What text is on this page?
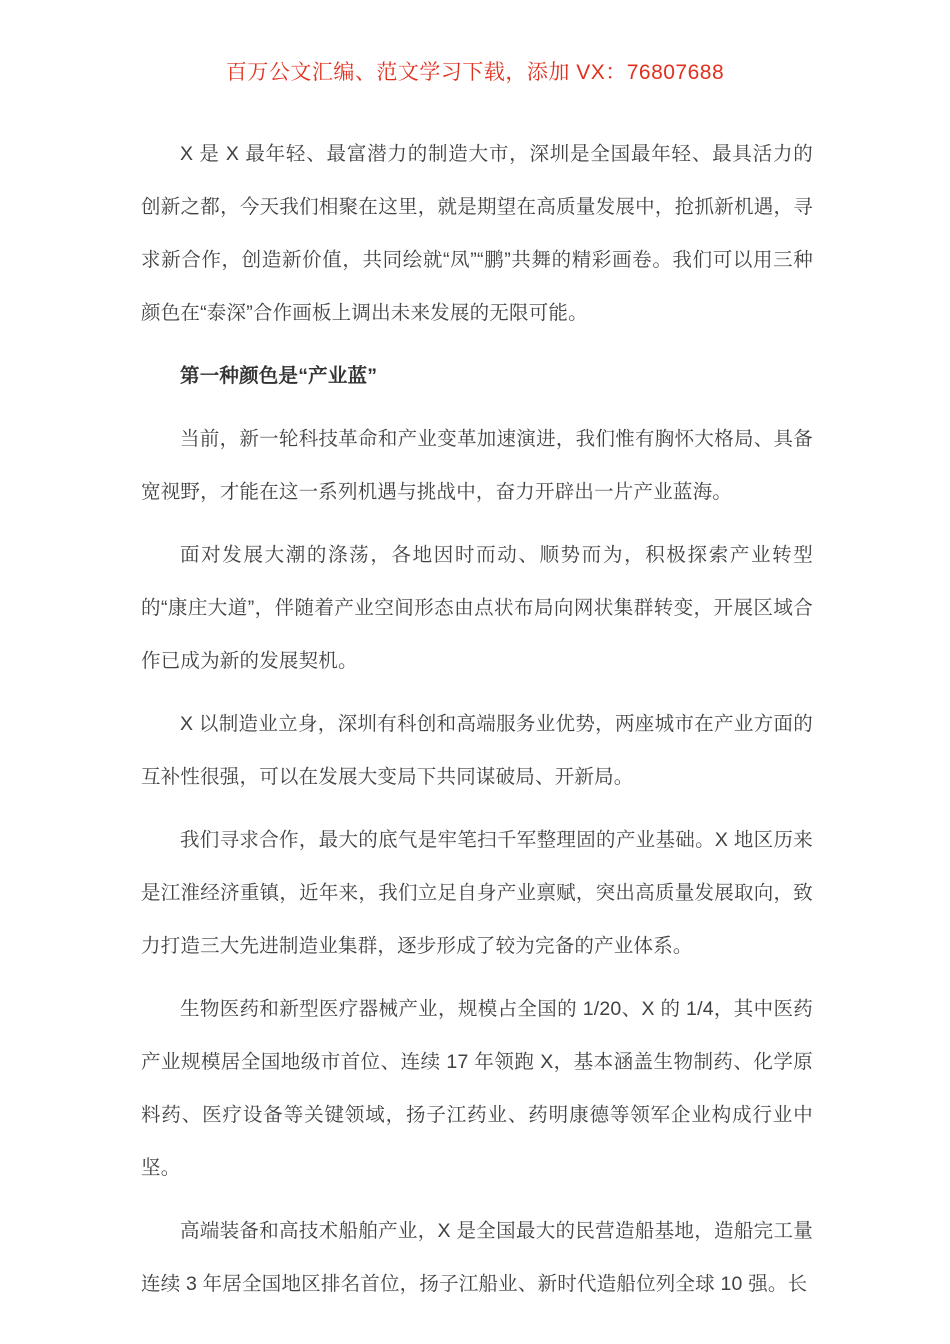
百万公文汇编、范文学习下载，添加 VX：76807688

X 是 X 最年轻、最富潜力的制造大市，深圳是全国最年轻、最具活力的创新之都，今天我们相聚在这里，就是期望在高质量发展中，抢抓新机遇，寻求新合作，创造新价值，共同绘就“凤”“鹏”共舞的精彩画卷。我们可以用三种颜色在“泰深”合作画板上调出未来发展的无限可能。

第一种颜色是“产业蓝”

当前，新一轮科技革命和产业变革加速演进，我们惟有胸怀大格局、具备宽视野，才能在这一系列机遇与挑战中，奋力开辟出一片产业蓝海。

面对发展大潮的涤荡，各地因时而动、顺势而为，积极探索产业转型的“康庄大道”，伴随着产业空间形态由点状布局向网状集群转变，开展区域合作已成为新的发展契机。

X 以制造业立身，深圳有科创和高端服务业优势，两座城市在产业方面的互补性很强，可以在发展大变局下共同谋破局、开新局。

我们寻求合作，最大的底气是牢笔扫千军整理固的产业基础。X 地区历来是江淮经济重镇，近年来，我们立足自身产业禀赋，突出高质量发展取向，致力打造三大先进制造业集群，逐步形成了较为完备的产业体系。

生物医药和新型医疗器械产业，规模占全国的 1/20、X 的 1/4，其中医药产业规模居全国地级市首位、连续 17 年领跑 X，基本涵盖生物制药、化学原料药、医疗设备等关键领域，扬子江药业、药明康德等领军企业构成行业中坚。

高端装备和高技术船舶产业，X 是全国最大的民营造船基地，造船完工量连续 3 年居全国地区排名首位，扬子江船业、新时代造船位列全球 10 强。长
